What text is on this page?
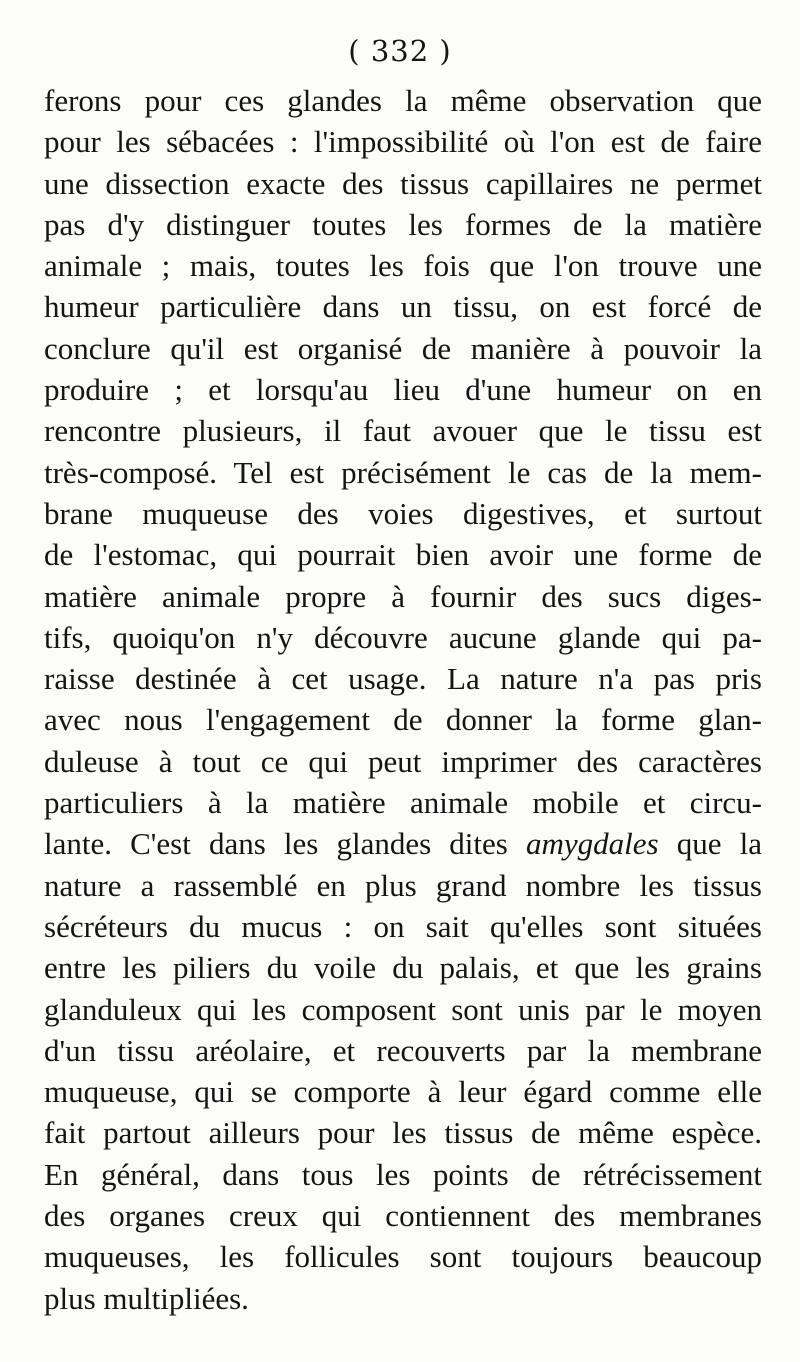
( 332 )
ferons pour ces glandes la même observation que
pour les sébacées : l'impossibilité où l'on est de faire
une dissection exacte des tissus capillaires ne permet
pas d'y distinguer toutes les formes de la matière
animale ; mais, toutes les fois que l'on trouve une
humeur particulière dans un tissu, on est forcé de
conclure qu'il est organisé de manière à pouvoir la
produire ; et lorsqu'au lieu d'une humeur on en
rencontre plusieurs, il faut avouer que le tissu est
très-composé. Tel est précisément le cas de la mem-
brane muqueuse des voies digestives, et surtout
de l'estomac, qui pourrait bien avoir une forme de
matière animale propre à fournir des sucs diges-
tifs, quoiqu'on n'y découvre aucune glande qui pa-
raisse destinée à cet usage. La nature n'a pas pris
avec nous l'engagement de donner la forme glan-
duleuse à tout ce qui peut imprimer des caractères
particuliers à la matière animale mobile et circu-
lante. C'est dans les glandes dites amygdales que la
nature a rassemblé en plus grand nombre les tissus
sécréteurs du mucus : on sait qu'elles sont situées
entre les piliers du voile du palais, et que les grains
glanduleux qui les composent sont unis par le moyen
d'un tissu aréolaire, et recouverts par la membrane
muqueuse, qui se comporte à leur égard comme elle
fait partout ailleurs pour les tissus de même espèce.
En général, dans tous les points de rétrécissement
des organes creux qui contiennent des membranes
muqueuses, les follicules sont toujours beaucoup
plus multipliées.
